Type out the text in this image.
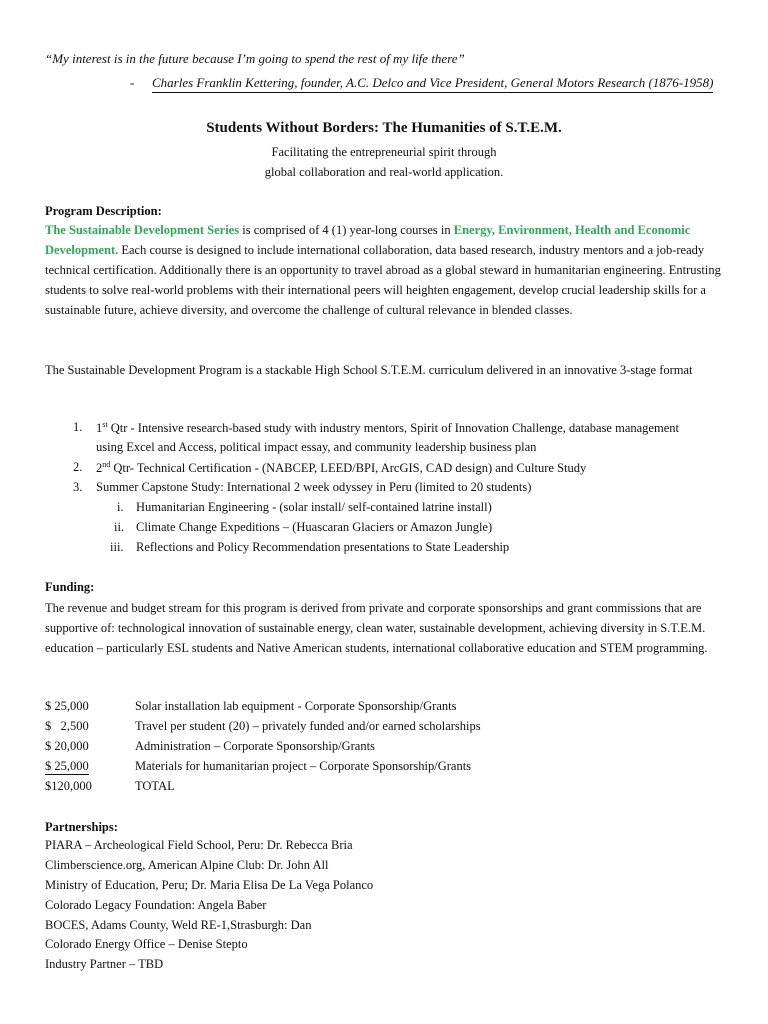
“My interest is in the future because I’m going to spend the rest of my life there”
- Charles Franklin Kettering, founder, A.C. Delco and Vice President, General Motors Research (1876-1958)
Students Without Borders: The Humanities of S.T.E.M.
Facilitating the entrepreneurial spirit through
global collaboration and real-world application.
Program Description:
The Sustainable Development Series is comprised of 4 (1) year-long courses in Energy, Environment, Health and Economic Development. Each course is designed to include international collaboration, data based research, industry mentors and a job-ready technical certification. Additionally there is an opportunity to travel abroad as a global steward in humanitarian engineering. Entrusting students to solve real-world problems with their international peers will heighten engagement, develop crucial leadership skills for a sustainable future, achieve diversity, and overcome the challenge of cultural relevance in blended classes.
The Sustainable Development Program is a stackable High School S.T.E.M. curriculum delivered in an innovative 3-stage format
1. 1st Qtr - Intensive research-based study with industry mentors, Spirit of Innovation Challenge, database management
using Excel and Access, political impact essay, and community leadership business plan
2. 2nd Qtr- Technical Certification - (NABCEP, LEED/BPI, ArcGIS, CAD design) and Culture Study
3. Summer Capstone Study: International 2 week odyssey in Peru (limited to 20 students)
i. Humanitarian Engineering - (solar install/ self-contained latrine install)
ii. Climate Change Expeditions – (Huascaran Glaciers or Amazon Jungle)
iii. Reflections and Policy Recommendation presentations to State Leadership
Funding:
The revenue and budget stream for this program is derived from private and corporate sponsorships and grant commissions that are supportive of: technological innovation of sustainable energy, clean water, sustainable development, achieving diversity in S.T.E.M. education – particularly ESL students and Native American students, international collaborative education and STEM programming.
$ 25,000	Solar installation lab equipment - Corporate Sponsorship/Grants
$   2,500	Travel per student (20) – privately funded and/or earned scholarships
$ 20,000	Administration – Corporate Sponsorship/Grants
$ 25,000	Materials for humanitarian project – Corporate Sponsorship/Grants
$120,000	TOTAL
Partnerships:
PIARA – Archeological Field School, Peru: Dr. Rebecca Bria
Climberscience.org, American Alpine Club: Dr. John All
Ministry of Education, Peru; Dr. Maria Elisa De La Vega Polanco
Colorado Legacy Foundation: Angela Baber
BOCES, Adams County, Weld RE-1,Strasburgh: Dan
Colorado Energy Office – Denise Stepto
Industry Partner – TBD
